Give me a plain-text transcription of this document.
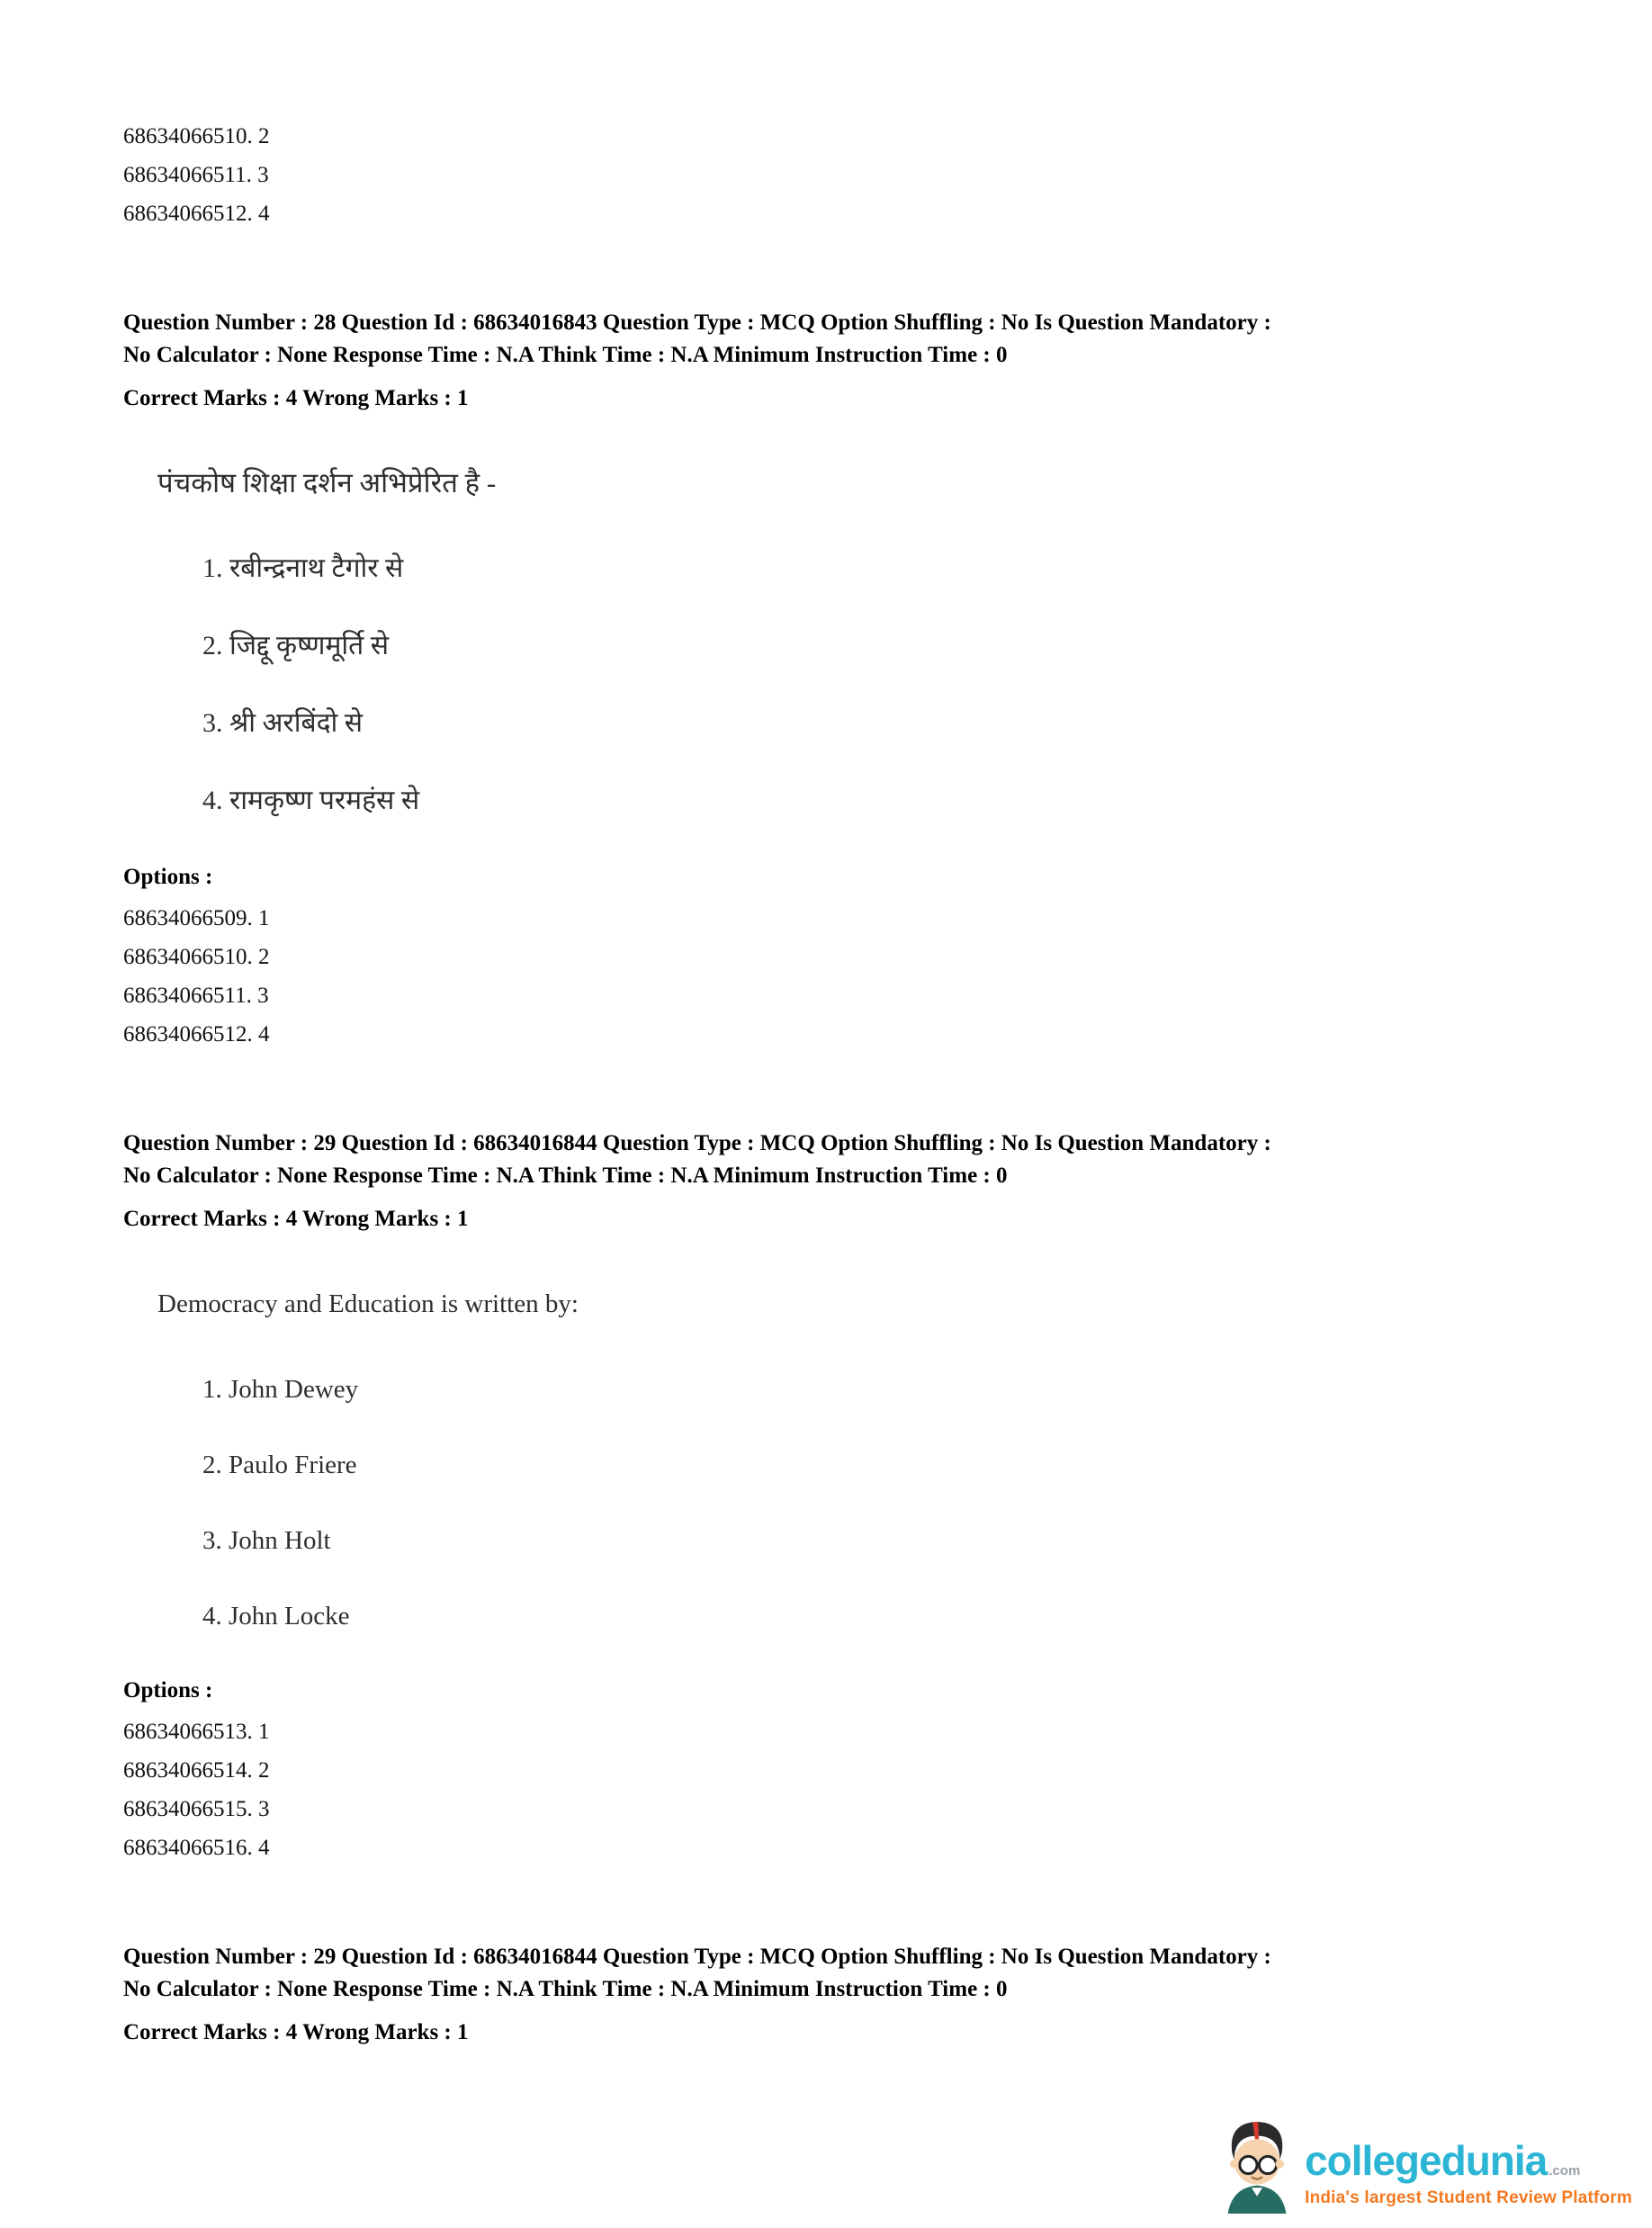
68634066510. 2

68634066511. 3

68634066512. 4

Question Number : 28 Question Id : 68634016843 Question Type : MCQ Option Shuffling : No Is Question Mandatory :

No Calculator : None Response Time : N.A Think Time : N.A Minimum Instruction Time : 0

Correct Marks : 4 Wrong Marks : 1

पंचकोष शिक्षा दर्शन अभिप्रेरित है -

1. रबीन्द्रनाथ टैगोर से

2. जिद्दू कृष्णमूर्ति से

3. श्री अरबिंदो से

4. रामकृष्ण परमहंस से

Options :

68634066509. 1

68634066510. 2

68634066511. 3

68634066512. 4

Question Number : 29 Question Id : 68634016844 Question Type : MCQ Option Shuffling : No Is Question Mandatory :

No Calculator : None Response Time : N.A Think Time : N.A Minimum Instruction Time : 0

Correct Marks : 4 Wrong Marks : 1

Democracy and Education is written by:

1. John Dewey

2. Paulo Friere

3. John Holt

4. John Locke

Options :

68634066513. 1

68634066514. 2

68634066515. 3

68634066516. 4

Question Number : 29 Question Id : 68634016844 Question Type : MCQ Option Shuffling : No Is Question Mandatory :

No Calculator : None Response Time : N.A Think Time : N.A Minimum Instruction Time : 0

Correct Marks : 4 Wrong Marks : 1

collegedunia .com
India's largest Student Review Platform
